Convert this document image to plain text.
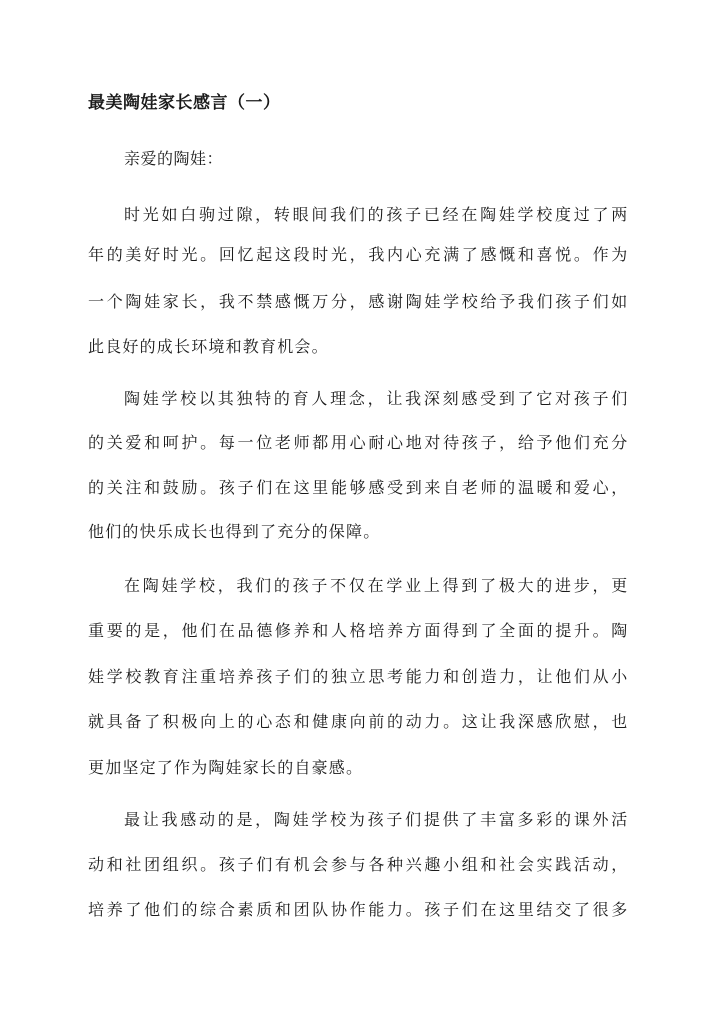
最美陶娃家长感言（一）
亲爱的陶娃：
时光如白驹过隙，转眼间我们的孩子已经在陶娃学校度过了两
年的美好时光。回忆起这段时光，我内心充满了感慨和喜悦。作为
一个陶娃家长，我不禁感慨万分，感谢陶娃学校给予我们孩子们如
此良好的成长环境和教育机会。
陶娃学校以其独特的育人理念，让我深刻感受到了它对孩子们
的关爱和呵护。每一位老师都用心耐心地对待孩子，给予他们充分
的关注和鼓励。孩子们在这里能够感受到来自老师的温暖和爱心，
他们的快乐成长也得到了充分的保障。
在陶娃学校，我们的孩子不仅在学业上得到了极大的进步，更
重要的是，他们在品德修养和人格培养方面得到了全面的提升。陶
娃学校教育注重培养孩子们的独立思考能力和创造力，让他们从小
就具备了积极向上的心态和健康向前的动力。这让我深感欣慰，也
更加坚定了作为陶娃家长的自豪感。
最让我感动的是，陶娃学校为孩子们提供了丰富多彩的课外活
动和社团组织。孩子们有机会参与各种兴趣小组和社会实践活动，
培养了他们的综合素质和团队协作能力。孩子们在这里结交了很多
